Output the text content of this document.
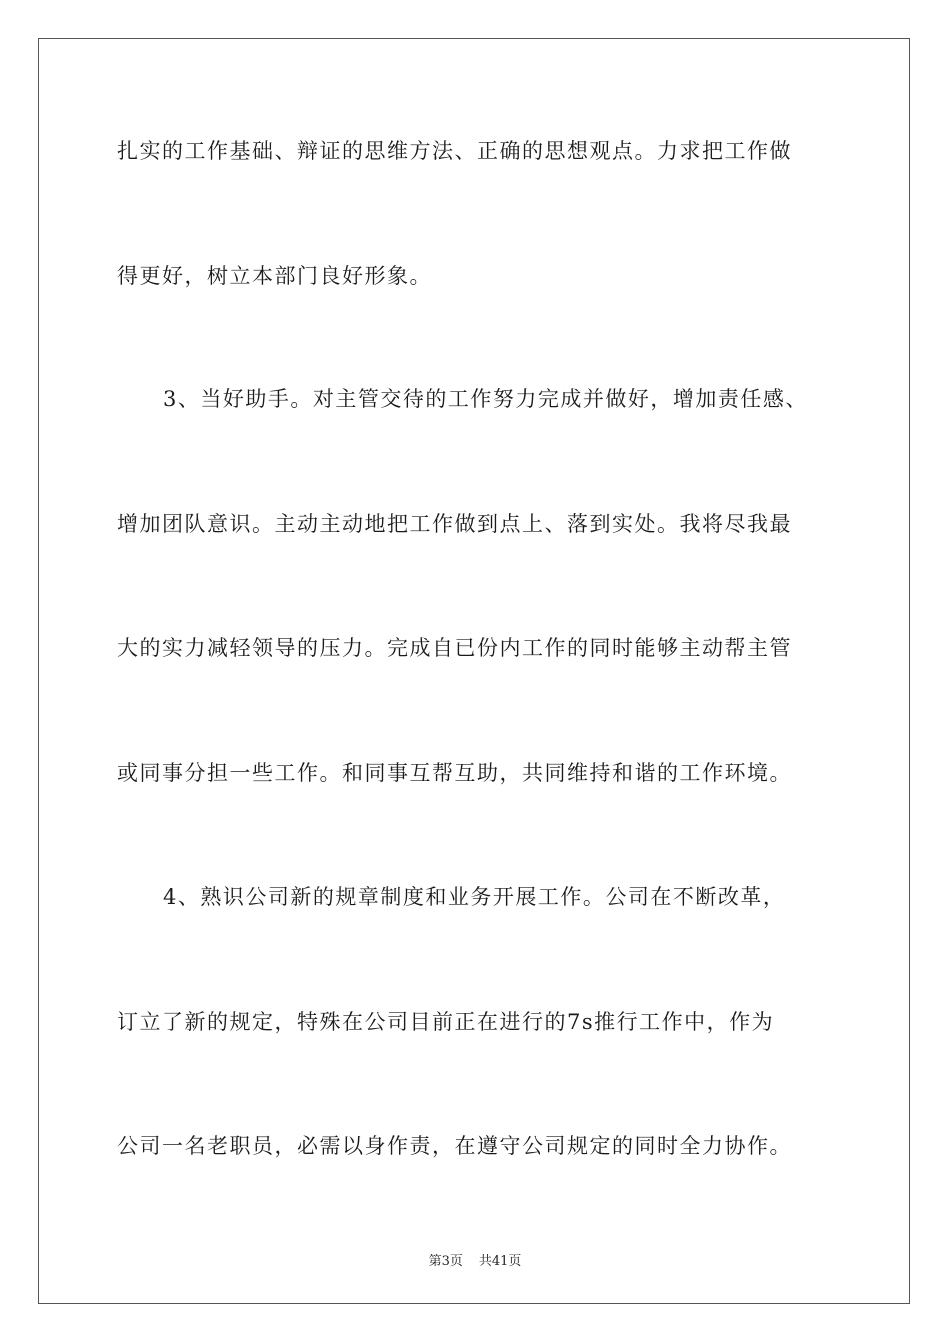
扎实的工作基础、辩证的思维方法、正确的思想观点。力求把工作做
得更好，树立本部门良好形象。
3、当好助手。对主管交待的工作努力完成并做好，增加责任感、
增加团队意识。主动主动地把工作做到点上、落到实处。我将尽我最
大的实力减轻领导的压力。完成自已份内工作的同时能够主动帮主管
或同事分担一些工作。和同事互帮互助，共同维持和谐的工作环境。
4、熟识公司新的规章制度和业务开展工作。公司在不断改革，
订立了新的规定，特殊在公司目前正在进行的7s推行工作中，作为
公司一名老职员，必需以身作责，在遵守公司规定的同时全力协作。
第3页 共41页
